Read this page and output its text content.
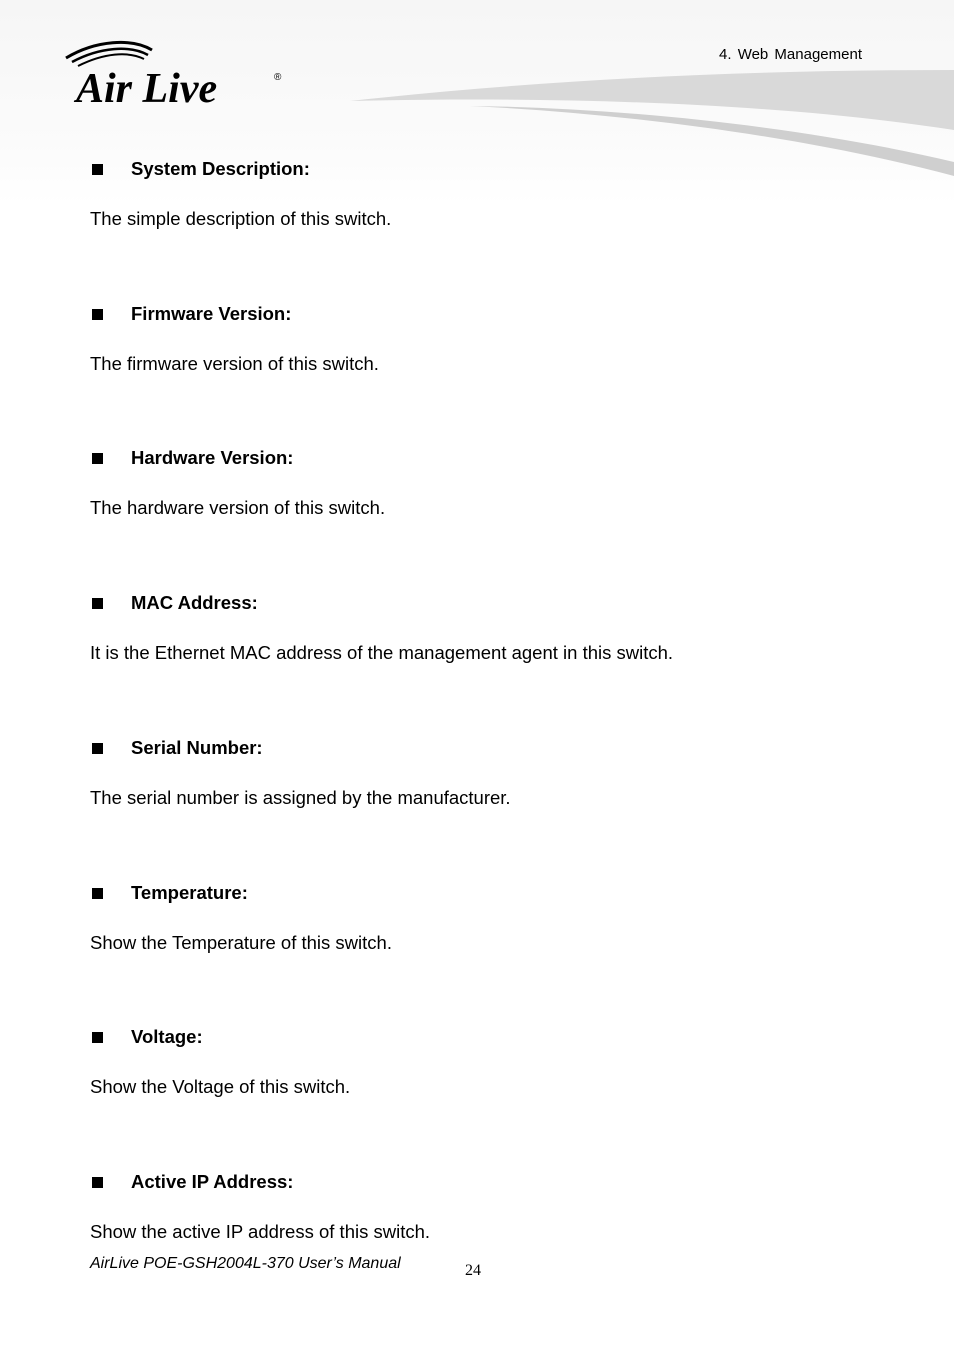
Air Live	®
4. Web Management
System Description:
The simple description of this switch.
Firmware Version:
The firmware version of this switch.
Hardware Version:
The hardware version of this switch.
MAC Address:
It is the Ethernet MAC address of the management agent in this switch.
Serial Number:
The serial number is assigned by the manufacturer.
Temperature:
Show the Temperature of this switch.
Voltage:
Show the Voltage of this switch.
Active IP Address:
Show the active IP address of this switch.
AirLive POE-GSH2004L-370 User’s Manual	24
